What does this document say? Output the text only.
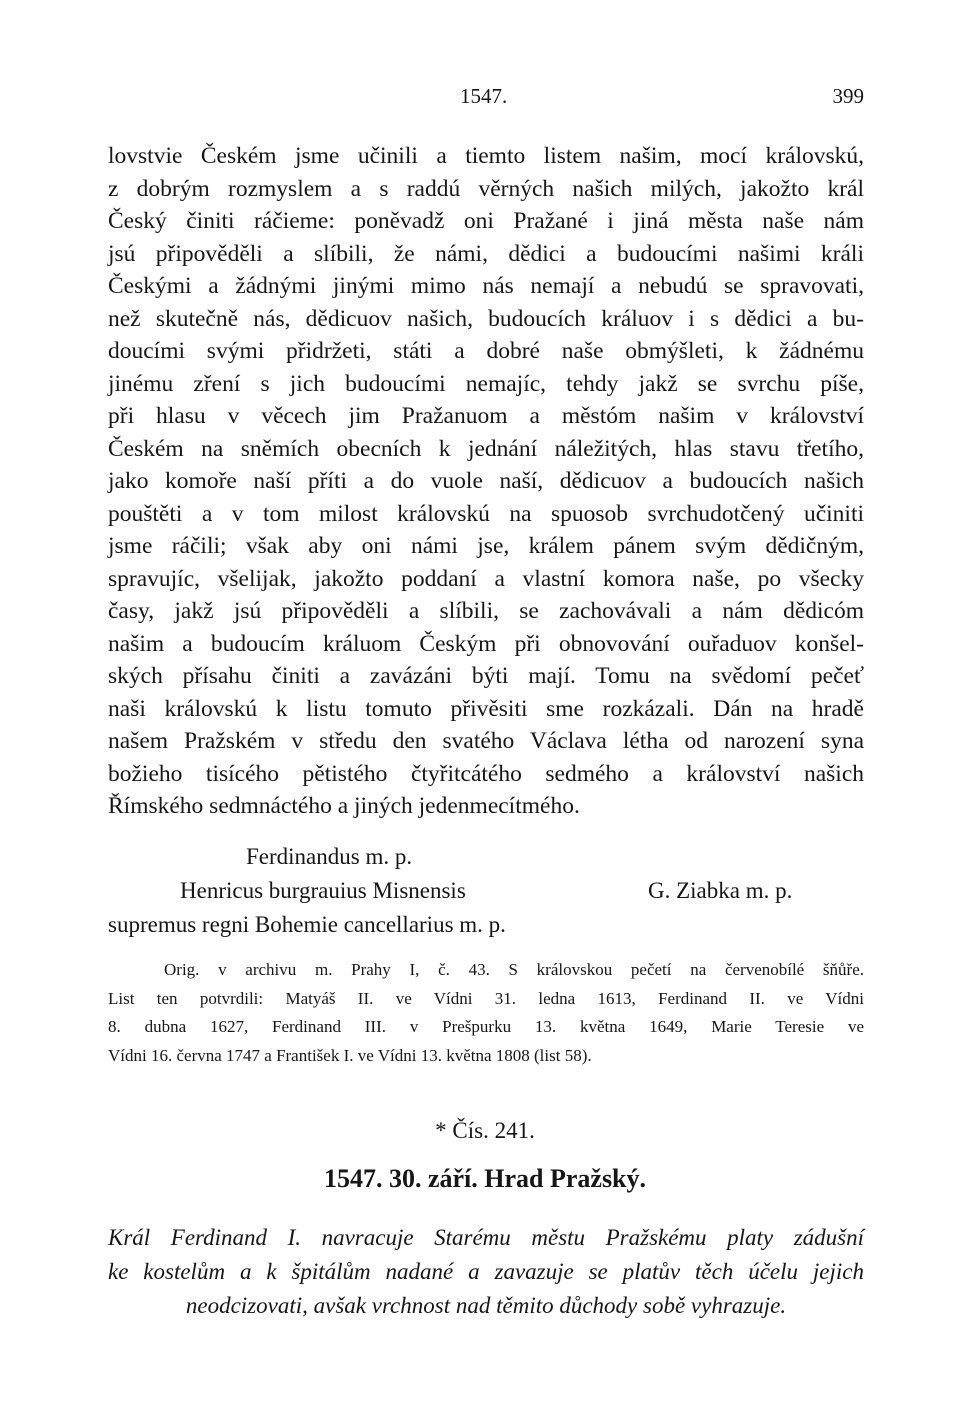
1547.	399
lovstvie Českém jsme učinili a tiemto listem našim, mocí královskú,
z dobrým rozmyslem a s raddú věrných našich milých, jakožto král
Český činiti ráčieme: poněvadž oni Pražané i jiná města naše nám
jsú připověděli a slíbili, že námi, dědici a budoucími našimi králi
Českými a žádnými jinými mimo nás nemají a nebudú se spravovati,
než skutečně nás, dědicuov našich, budoucích králuov i s dědici a bu-
doucími svými přidržeti, státi a dobré naše obmýšleti, k žádnému
jinému zření s jich budoucími nemajíc, tehdy jakž se svrchu píše,
při hlasu v věcech jim Pražanuom a městóm našim v království
Českém na sněmích obecních k jednání náležitých, hlas stavu třetího,
jako komoře naší příti a do vuole naší, dědicuov a budoucích našich
pouštěti a v tom milost královskú na spuosob svrchudotčený učiniti
jsme ráčili; však aby oni námi jse, králem pánem svým dědičným,
spravujíc, všelijak, jakožto poddaní a vlastní komora naše, po všecky
časy, jakž jsú připověděli a slíbili, se zachovávali a nám dědicóm
našim a budoucím králuom Českým při obnovování ouřaduov konšel-
ských přísahu činiti a zavázáni býti mají. Tomu na svědomí pečeť
naši královskú k listu tomuto přivěsiti sme rozkázali. Dán na hradě
našem Pražském v středu den svatého Václava létha od narození syna
božieho tisícého pětistého čtyřitcátého sedmého a království našich
Římského sedmnáctého a jiných jedenmecítmého.
Ferdinandus m. p.
Henricus burgrauius Misnensis	G. Ziabka m. p.
supremus regni Bohemie cancellarius m. p.
Orig. v archivu m. Prahy I, č. 43. S královskou pečetí na červenobílé šňůře.
List ten potvrdili: Matyáš II. ve Vídni 31. ledna 1613, Ferdinand II. ve Vídni
8. dubna 1627, Ferdinand III. v Prešpurku 13. května 1649, Marie Teresie ve
Vídni 16. června 1747 a František I. ve Vídni 13. května 1808 (list 58).
* Čís. 241.
1547. 30. září. Hrad Pražský.
Král Ferdinand I. navracuje Starému městu Pražskému platy zádušní
ke kostelům a k špitálům nadané a zavazuje se platův těch účelu jejich
neodcizovati, avšak vrchnost nad těmito důchody sobě vyhrazuje.
